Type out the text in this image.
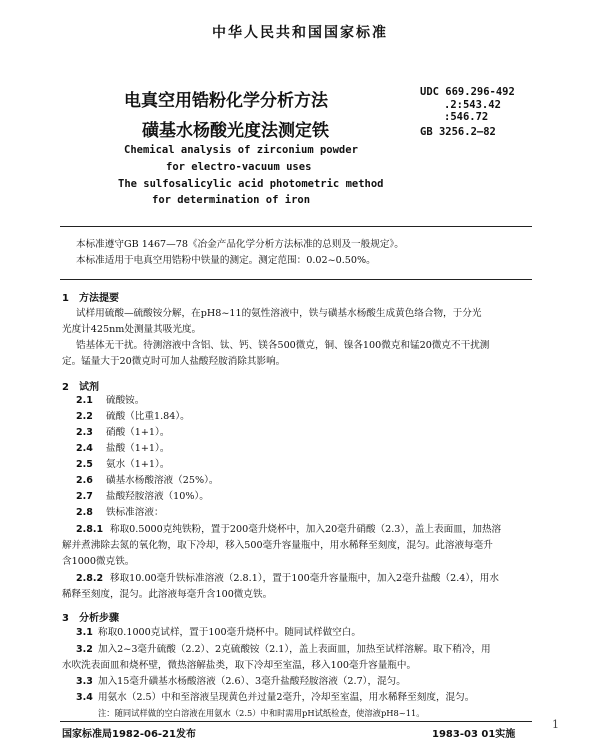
中华人民共和国国家标准
电真空用锆粉化学分析方法
磺基水杨酸光度法测定铁
UDC 669.296-492
.2:543.42
:546.72
GB 3256.2—82
Chemical analysis of zirconium powder
for electro-vacuum uses
The sulfosalicylic acid photometric method
for determination of iron
本标准遵守GB 1467—78《冶金产品化学分析方法标准的总则及一般规定》。
本标准适用于电真空用锆粉中铁量的测定。测定范围：0.02~0.50%。
1　方法提要
试样用硫酸—硫酸铵分解，在pH8~11的氨性溶液中，铁与磺基水杨酸生成黄色络合物，于分光
光度计425nm处测量其吸光度。
锆基体无干扰。待测溶液中含铝、钛、钙、镁各500微克，铜、镍各100微克和锰20微克不干扰测
定。锰量大于20微克时可加人盐酸羟胺消除其影响。
2　试剂
2.1 硫酸铵。
2.2 硫酸（比重1.84）。
2.3 硝酸（1+1）。
2.4 盐酸（1+1）。
2.5 氨水（1+1）。
2.6 磺基水杨酸溶液（25%）。
2.7 盐酸羟胺溶液（10%）。
2.8 铁标准溶液：
2.8.1 称取0.5000克纯铁粉，置于200毫升烧杯中，加入20毫升硝酸（2.3），盖上表面皿，加热溶
解并煮沸除去氮的氧化物，取下冷却，移入500毫升容量瓶中，用水稀释至刻度，混匀。此溶液每毫升
含1000微克铁。
2.8.2 移取10.00毫升铁标准溶液（2.8.1），置于100毫升容量瓶中，加入2毫升盐酸（2.4），用水
稀释至刻度，混匀。此溶液每毫升含100微克铁。
3　分析步骤
3.1 称取0.1000克试样，置于100毫升烧杯中。随同试样做空白。
3.2 加入2~3毫升硫酸（2.2）、2克硫酸铵（2.1），盖上表面皿，加热至试样溶解。取下稍冷，用
水吹洗表面皿和烧杯壁，微热溶解盐类，取下冷却至室温，移入100毫升容量瓶中。
3.3 加入15毫升磺基水杨酸溶液（2.6）、3毫升盐酸羟胺溶液（2.7），混匀。
3.4 用氨水（2.5）中和至溶液呈现黄色并过量2毫升，冷却至室温，用水稀释至刻度，混匀。
注：随同试样做的空白溶液在用氨水（2.5）中和时需用pH试纸检查，使溶液pH8~11。
国家标准局1982-06-21发布	1983-03 01实施
1
